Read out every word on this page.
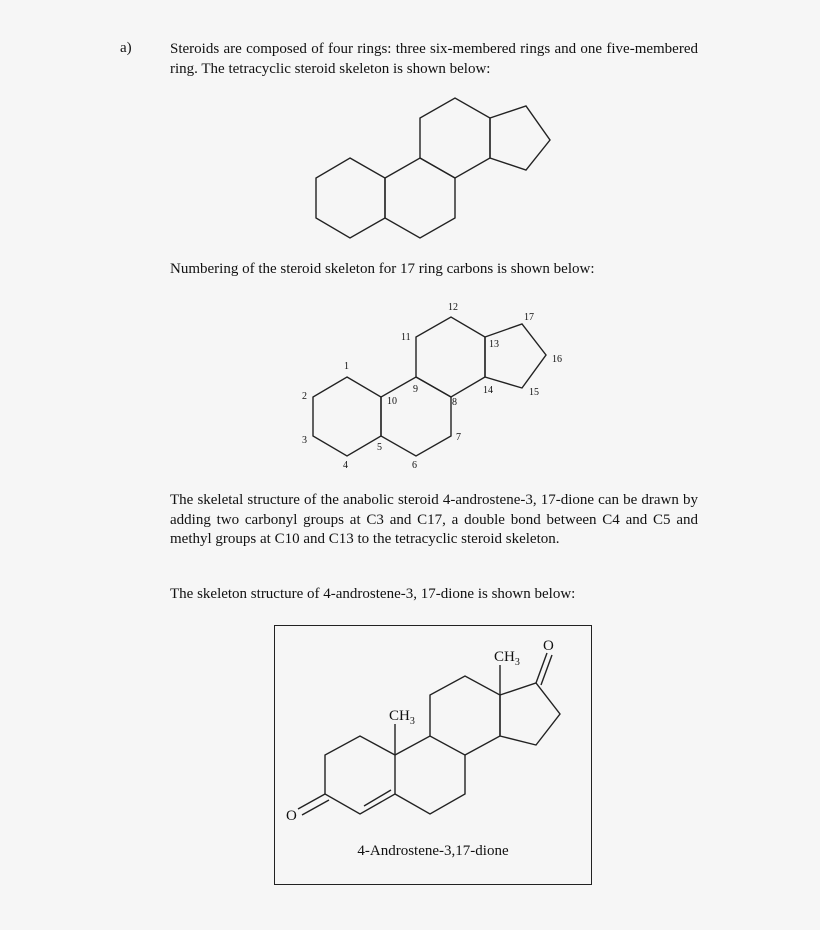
a)	Steroids are composed of four rings: three six-membered rings and one five-membered ring. The tetracyclic steroid skeleton is shown below:
Numbering of the steroid skeleton for 17 ring carbons is shown below:
1
2
3
4
5
6
7
8
9
10
11
12
13
14	15
16
17
The skeletal structure of the anabolic steroid 4-androstene-3, 17-dione can be drawn by adding two carbonyl groups at C3 and C17, a double bond between C4 and C5 and methyl groups at C10 and C13 to the tetracyclic steroid skeleton.
The skeleton structure of 4-androstene-3, 17-dione is shown below:
$CH_3$
$CH_3$
O
O
4-Androstene-3,17-dione
